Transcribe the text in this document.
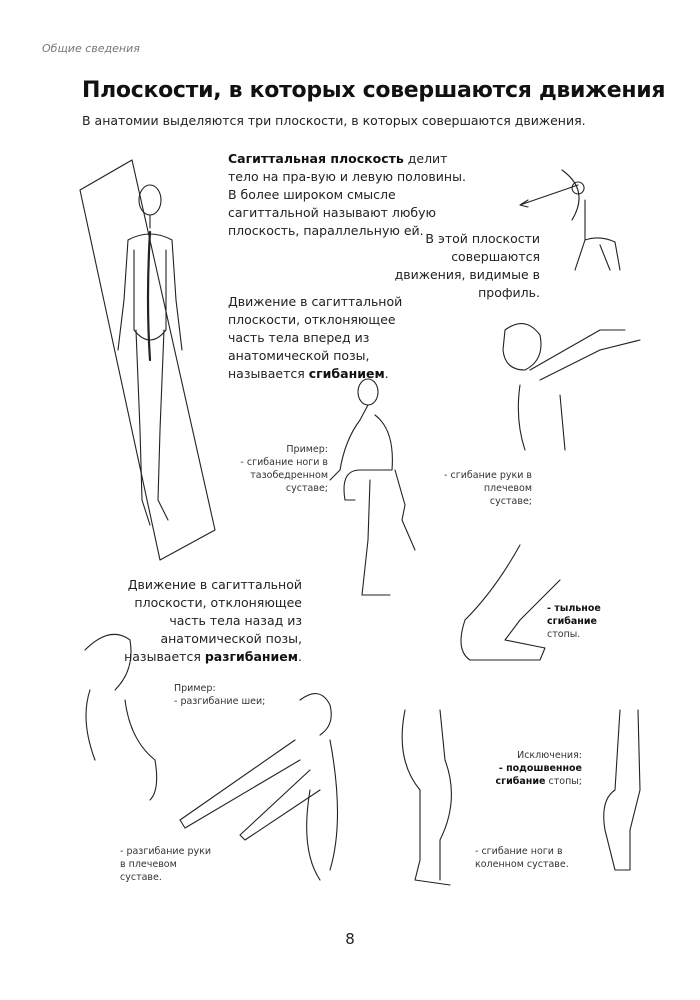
Общие сведения
Плоскости, в которых совершаются движения
В анатомии выделяются три плоскости, в которых совершаются движения.
Сагиттальная плоскость делит тело на пра-вую и левую половины. В более широком смысле сагиттальной называют любую плоскость, параллельную ей.
В этой плоскости совершаются движения, видимые в профиль.
Движение в сагиттальной плоскости, отклоняющее часть тела вперед из анатомической позы, называется сгибанием.
Пример:
- сгибание ноги в тазобедренном суставе;
- сгибание руки в плечевом суставе;
Движение в сагиттальной плоскости, отклоняющее часть тела назад из анатомической позы, называется разгибанием.
- тыльное сгибание стопы.
Пример:
- разгибание шеи;
Исключения:
- подошвенное сгибание стопы;
- разгибание руки в плечевом суставе.
- сгибание ноги в коленном суставе.
8
